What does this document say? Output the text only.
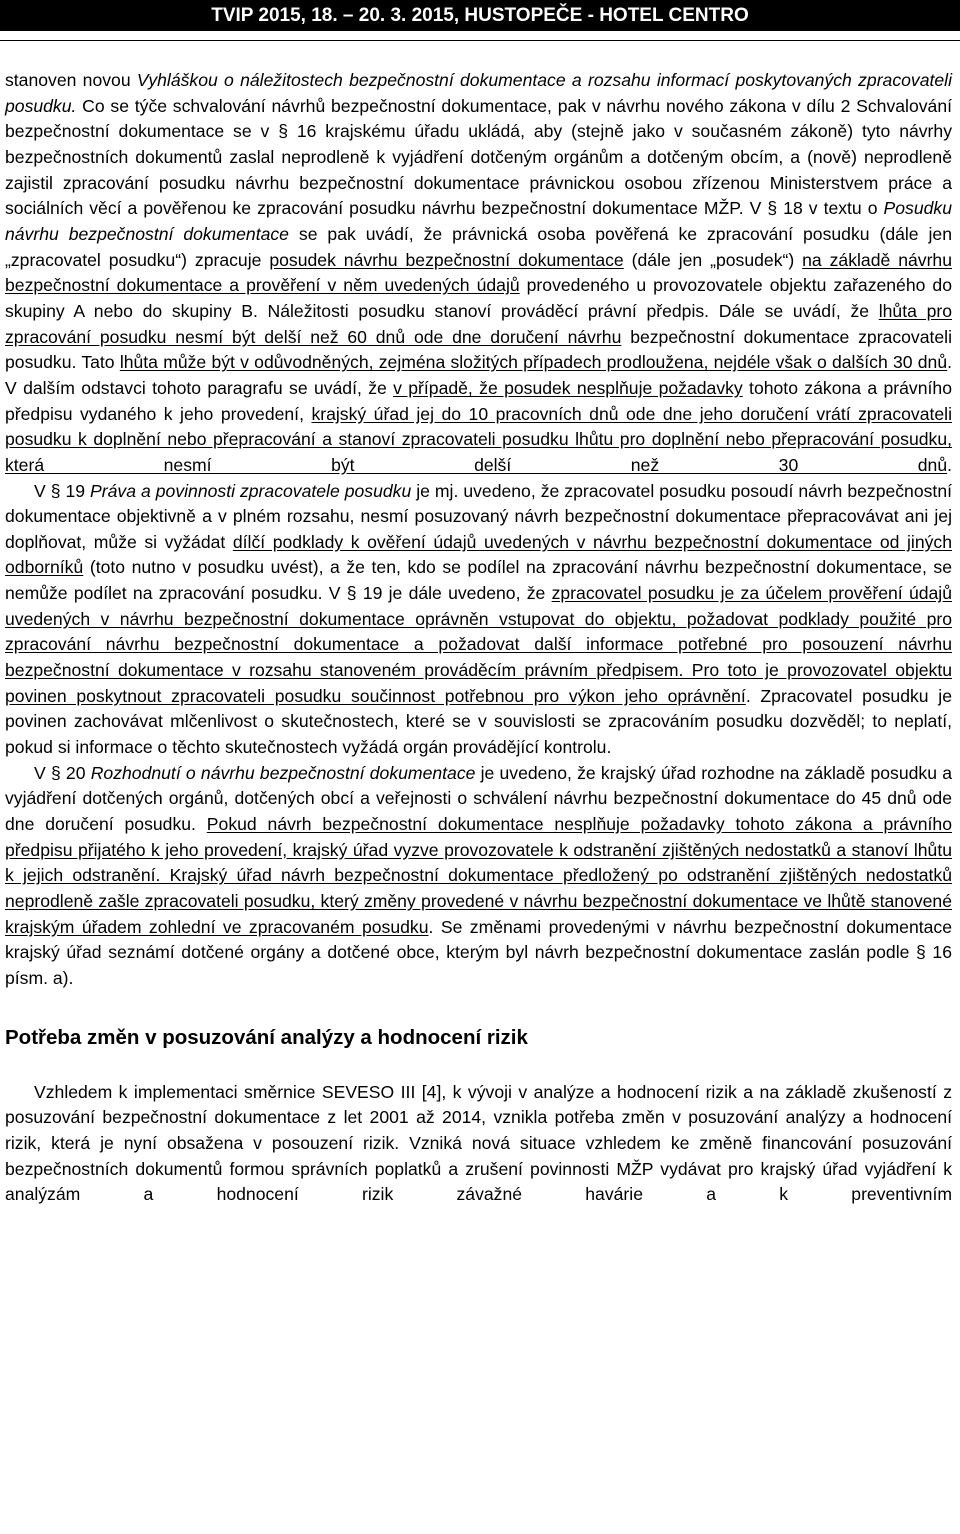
TVIP 2015, 18. – 20. 3. 2015, HUSTOPEČE - HOTEL CENTRO

stanoven novou Vyhláškou o náležitostech bezpečnostní dokumentace a rozsahu informací poskytovaných zpracovateli posudku. Co se týče schvalování návrhů bezpečnostní dokumentace, pak v návrhu nového zákona v dílu 2 Schvalování bezpečnostní dokumentace se v § 16 krajskému úřadu ukládá, aby (stejně jako v současném zákoně) tyto návrhy bezpečnostních dokumentů zaslal neprodleně k vyjádření dotčeným orgánům a dotčeným obcím, a (nově) neprodleně zajistil zpracování posudku návrhu bezpečnostní dokumentace právnickou osobou zřízenou Ministerstvem práce a sociálních věcí a pověřenou ke zpracování posudku návrhu bezpečnostní dokumentace MŽP. V § 18 v textu o Posudku návrhu bezpečnostní dokumentace se pak uvádí, že právnická osoba pověřená ke zpracování posudku (dále jen „zpracovatel posudku“) zpracuje posudek návrhu bezpečnostní dokumentace (dále jen „posudek“) na základě návrhu bezpečnostní dokumentace a prověření v něm uvedených údajů provedeného u provozovatele objektu zařazeného do skupiny A nebo do skupiny B. Náležitosti posudku stanoví prováděcí právní předpis. Dále se uvádí, že lhůta pro zpracování posudku nesmí být delší než 60 dnů ode dne doručení návrhu bezpečnostní dokumentace zpracovateli posudku. Tato lhůta může být v odůvodněných, zejména složitých případech prodloužena, nejdéle však o dalších 30 dnů. V dalším odstavci tohoto paragrafu se uvádí, že v případě, že posudek nesplňuje požadavky tohoto zákona a právního předpisu vydaného k jeho provedení, krajský úřad jej do 10 pracovních dnů ode dne jeho doručení vrátí zpracovateli posudku k doplnění nebo přepracování a stanoví zpracovateli posudku lhůtu pro doplnění nebo přepracování posudku, která nesmí být delší než 30 dnů.

V § 19 Práva a povinnosti zpracovatele posudku je mj. uvedeno, že zpracovatel posudku posoudí návrh bezpečnostní dokumentace objektivně a v plném rozsahu, nesmí posuzovaný návrh bezpečnostní dokumentace přepracovávat ani jej doplňovat, může si vyžádat dílčí podklady k ověření údajů uvedených v návrhu bezpečnostní dokumentace od jiných odborníků (toto nutno v posudku uvést), a že ten, kdo se podílel na zpracování návrhu bezpečnostní dokumentace, se nemůže podílet na zpracování posudku. V § 19 je dále uvedeno, že zpracovatel posudku je za účelem prověření údajů uvedených v návrhu bezpečnostní dokumentace oprávněn vstupovat do objektu, požadovat podklady použité pro zpracování návrhu bezpečnostní dokumentace a požadovat další informace potřebné pro posouzení návrhu bezpečnostní dokumentace v rozsahu stanoveném prováděcím právním předpisem. Pro toto je provozovatel objektu povinen poskytnout zpracovateli posudku součinnost potřebnou pro výkon jeho oprávnění. Zpracovatel posudku je povinen zachovávat mlčenlivost o skutečnostech, které se v souvislosti se zpracováním posudku dozvěděl; to neplatí, pokud si informace o těchto skutečnostech vyžádá orgán provádějící kontrolu.

V § 20 Rozhodnutí o návrhu bezpečnostní dokumentace je uvedeno, že krajský úřad rozhodne na základě posudku a vyjádření dotčených orgánů, dotčených obcí a veřejnosti o schválení návrhu bezpečnostní dokumentace do 45 dnů ode dne doručení posudku. Pokud návrh bezpečnostní dokumentace nesplňuje požadavky tohoto zákona a právního předpisu přijatého k jeho provedení, krajský úřad vyzve provozovatele k odstranění zjištěných nedostatků a stanoví lhůtu k jejich odstranění. Krajský úřad návrh bezpečnostní dokumentace předložený po odstranění zjištěných nedostatků neprodleně zašle zpracovateli posudku, který změny provedené v návrhu bezpečnostní dokumentace ve lhůtě stanovené krajským úřadem zohlední ve zpracovaném posudku. Se změnami provedenými v návrhu bezpečnostní dokumentace krajský úřad seznámí dotčené orgány a dotčené obce, kterým byl návrh bezpečnostní dokumentace zaslán podle § 16 písm. a).

Potřeba změn v posuzování analýzy a hodnocení rizik

Vzhledem k implementaci směrnice SEVESO III [4], k vývoji v analýze a hodnocení rizik a na základě zkušeností z posuzování bezpečnostní dokumentace z let 2001 až 2014, vznikla potřeba změn v posuzování analýzy a hodnocení rizik, která je nyní obsažena v posouzení rizik. Vzniká nová situace vzhledem ke změně financování posuzování bezpečnostních dokumentů formou správních poplatků a zrušení povinnosti MŽP vydávat pro krajský úřad vyjádření k analýzám a hodnocení rizik závažné havárie a k preventivním
